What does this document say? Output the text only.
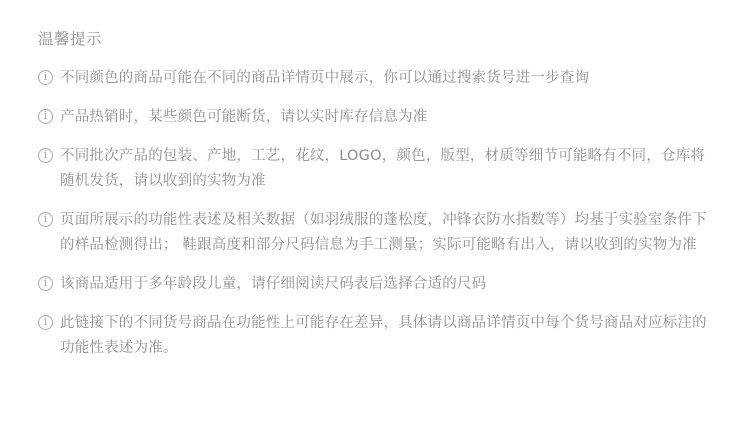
温馨提示
i
不同颜色的商品可能在不同的商品详情页中展示，你可以通过搜索货号进一步查询
i
产品热销时，某些颜色可能断货，请以实时库存信息为准
i
不同批次产品的包装、产地，工艺，花纹，LOGO，颜色，版型，材质等细节可能略有不同，仓库将随机发货，请以收到的实物为准
i
页面所展示的功能性表述及相关数据（如羽绒服的蓬松度，冲锋衣防水指数等）均基于实验室条件下的样品检测得出； 鞋跟高度和部分尺码信息为手工测量；实际可能略有出入，请以收到的实物为准
i
该商品适用于多年龄段儿童，请仔细阅读尺码表后选择合适的尺码
i
此链接下的不同货号商品在功能性上可能存在差异，具体请以商品详情页中每个货号商品对应标注的功能性表述为准。
